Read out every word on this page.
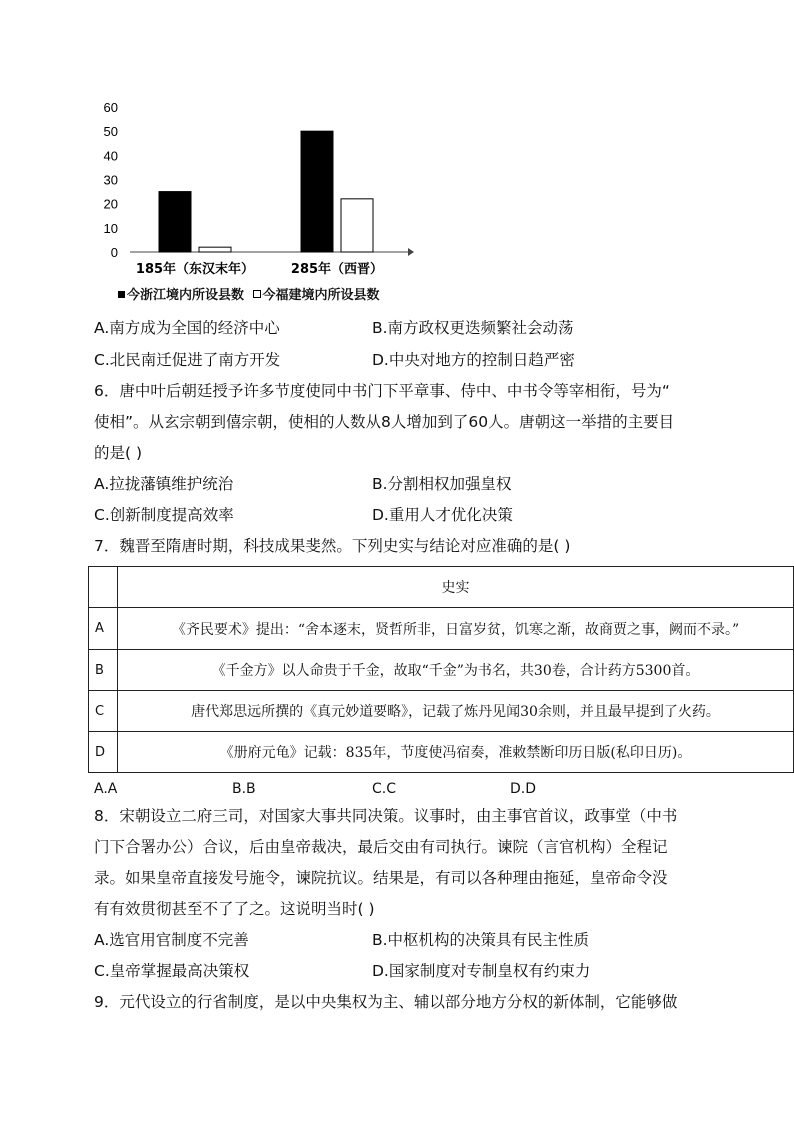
0
10
20
30
40
50
60
185年（东汉末年）	285年（西晋）
今浙江境内所设县数 今福建境内所设县数
A.南方成为全国的经济中心	B.南方政权更迭频繁社会动荡
C.北民南迁促进了南方开发	D.中央对地方的控制日趋严密
6．唐中叶后朝廷授予许多节度使同中书门下平章事、侍中、中书令等宰相衔，号为“
使相”。从玄宗朝到僖宗朝，使相的人数从8人增加到了60人。唐朝这一举措的主要目
的是( )
A.拉拢藩镇维护统治	B.分割相权加强皇权
C.创新制度提高效率	D.重用人才优化决策
7．魏晋至隋唐时期，科技成果斐然。下列史实与结论对应准确的是( )
	史实
A	《齐民要术》提出：“舍本逐末，贤哲所非，日富岁贫，饥寒之渐，故商贾之事，阙而不录。”
B	《千金方》以人命贵于千金，故取“千金”为书名，共30卷，合计药方5300首。
C	唐代郑思远所撰的《真元妙道要略》，记载了炼丹见闻30余则，并且最早提到了火药。
D	《册府元龟》记载：835年，节度使冯宿奏，准敕禁断印历日版(私印日历)。
A.A	B.B	C.C	D.D
8．宋朝设立二府三司，对国家大事共同决策。议事时，由主事官首议，政事堂（中书
门下合署办公）合议，后由皇帝裁决，最后交由有司执行。谏院（言官机构）全程记
录。如果皇帝直接发号施令，谏院抗议。结果是，有司以各种理由拖延，皇帝命令没
有有效贯彻甚至不了了之。这说明当时( )
A.选官用官制度不完善	B.中枢机构的决策具有民主性质
C.皇帝掌握最高决策权	D.国家制度对专制皇权有约束力
9．元代设立的行省制度，是以中央集权为主、辅以部分地方分权的新体制，它能够做
